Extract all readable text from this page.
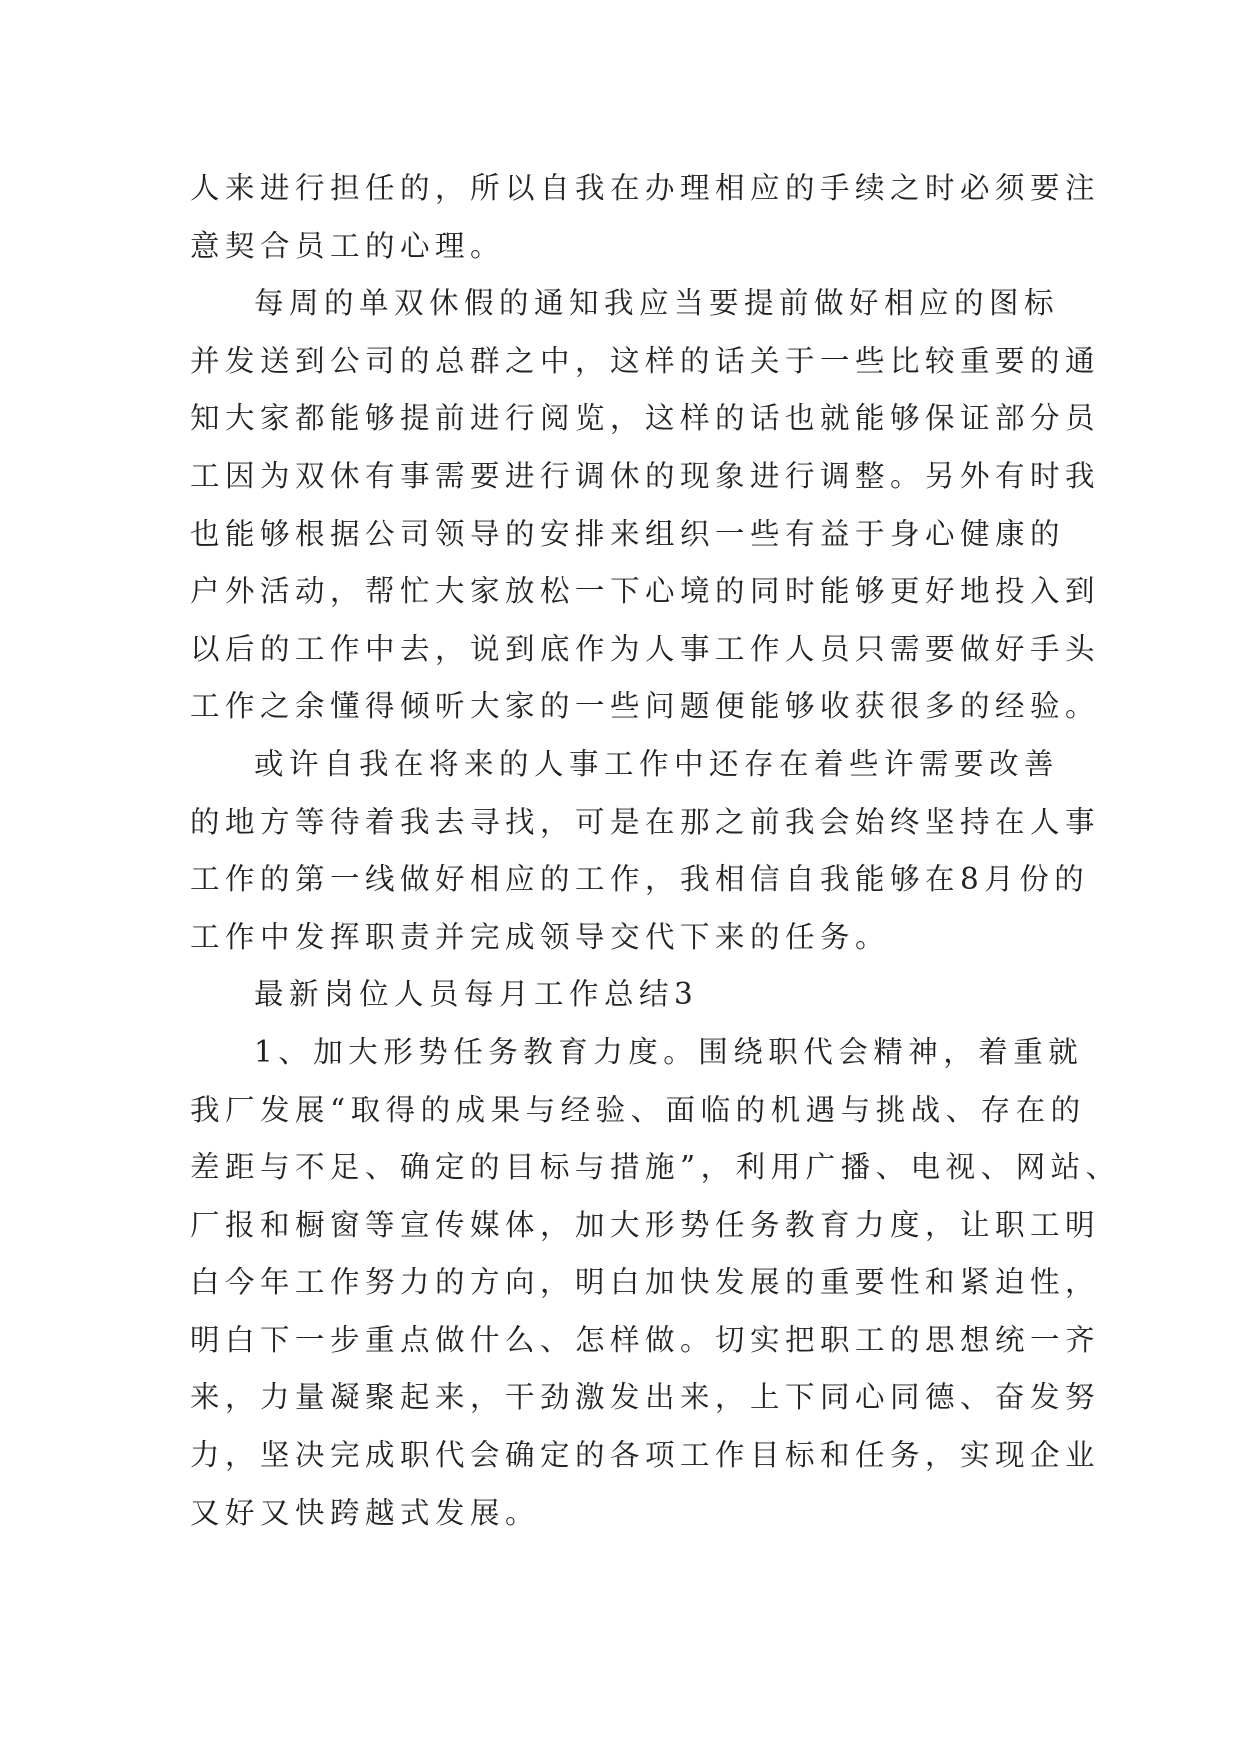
人来进行担任的，所以自我在办理相应的手续之时必须要注
意契合员工的心理。
每周的单双休假的通知我应当要提前做好相应的图标
并发送到公司的总群之中，这样的话关于一些比较重要的通
知大家都能够提前进行阅览，这样的话也就能够保证部分员
工因为双休有事需要进行调休的现象进行调整。另外有时我
也能够根据公司领导的安排来组织一些有益于身心健康的
户外活动，帮忙大家放松一下心境的同时能够更好地投入到
以后的工作中去，说到底作为人事工作人员只需要做好手头
工作之余懂得倾听大家的一些问题便能够收获很多的经验。
或许自我在将来的人事工作中还存在着些许需要改善
的地方等待着我去寻找，可是在那之前我会始终坚持在人事
工作的第一线做好相应的工作，我相信自我能够在8月份的
工作中发挥职责并完成领导交代下来的任务。
最新岗位人员每月工作总结3
1、加大形势任务教育力度。围绕职代会精神，着重就
我厂发展“取得的成果与经验、面临的机遇与挑战、存在的
差距与不足、确定的目标与措施”，利用广播、电视、网站、
厂报和橱窗等宣传媒体，加大形势任务教育力度，让职工明
白今年工作努力的方向，明白加快发展的重要性和紧迫性，
明白下一步重点做什么、怎样做。切实把职工的思想统一齐
来，力量凝聚起来，干劲激发出来，上下同心同德、奋发努
力，坚决完成职代会确定的各项工作目标和任务，实现企业
又好又快跨越式发展。
